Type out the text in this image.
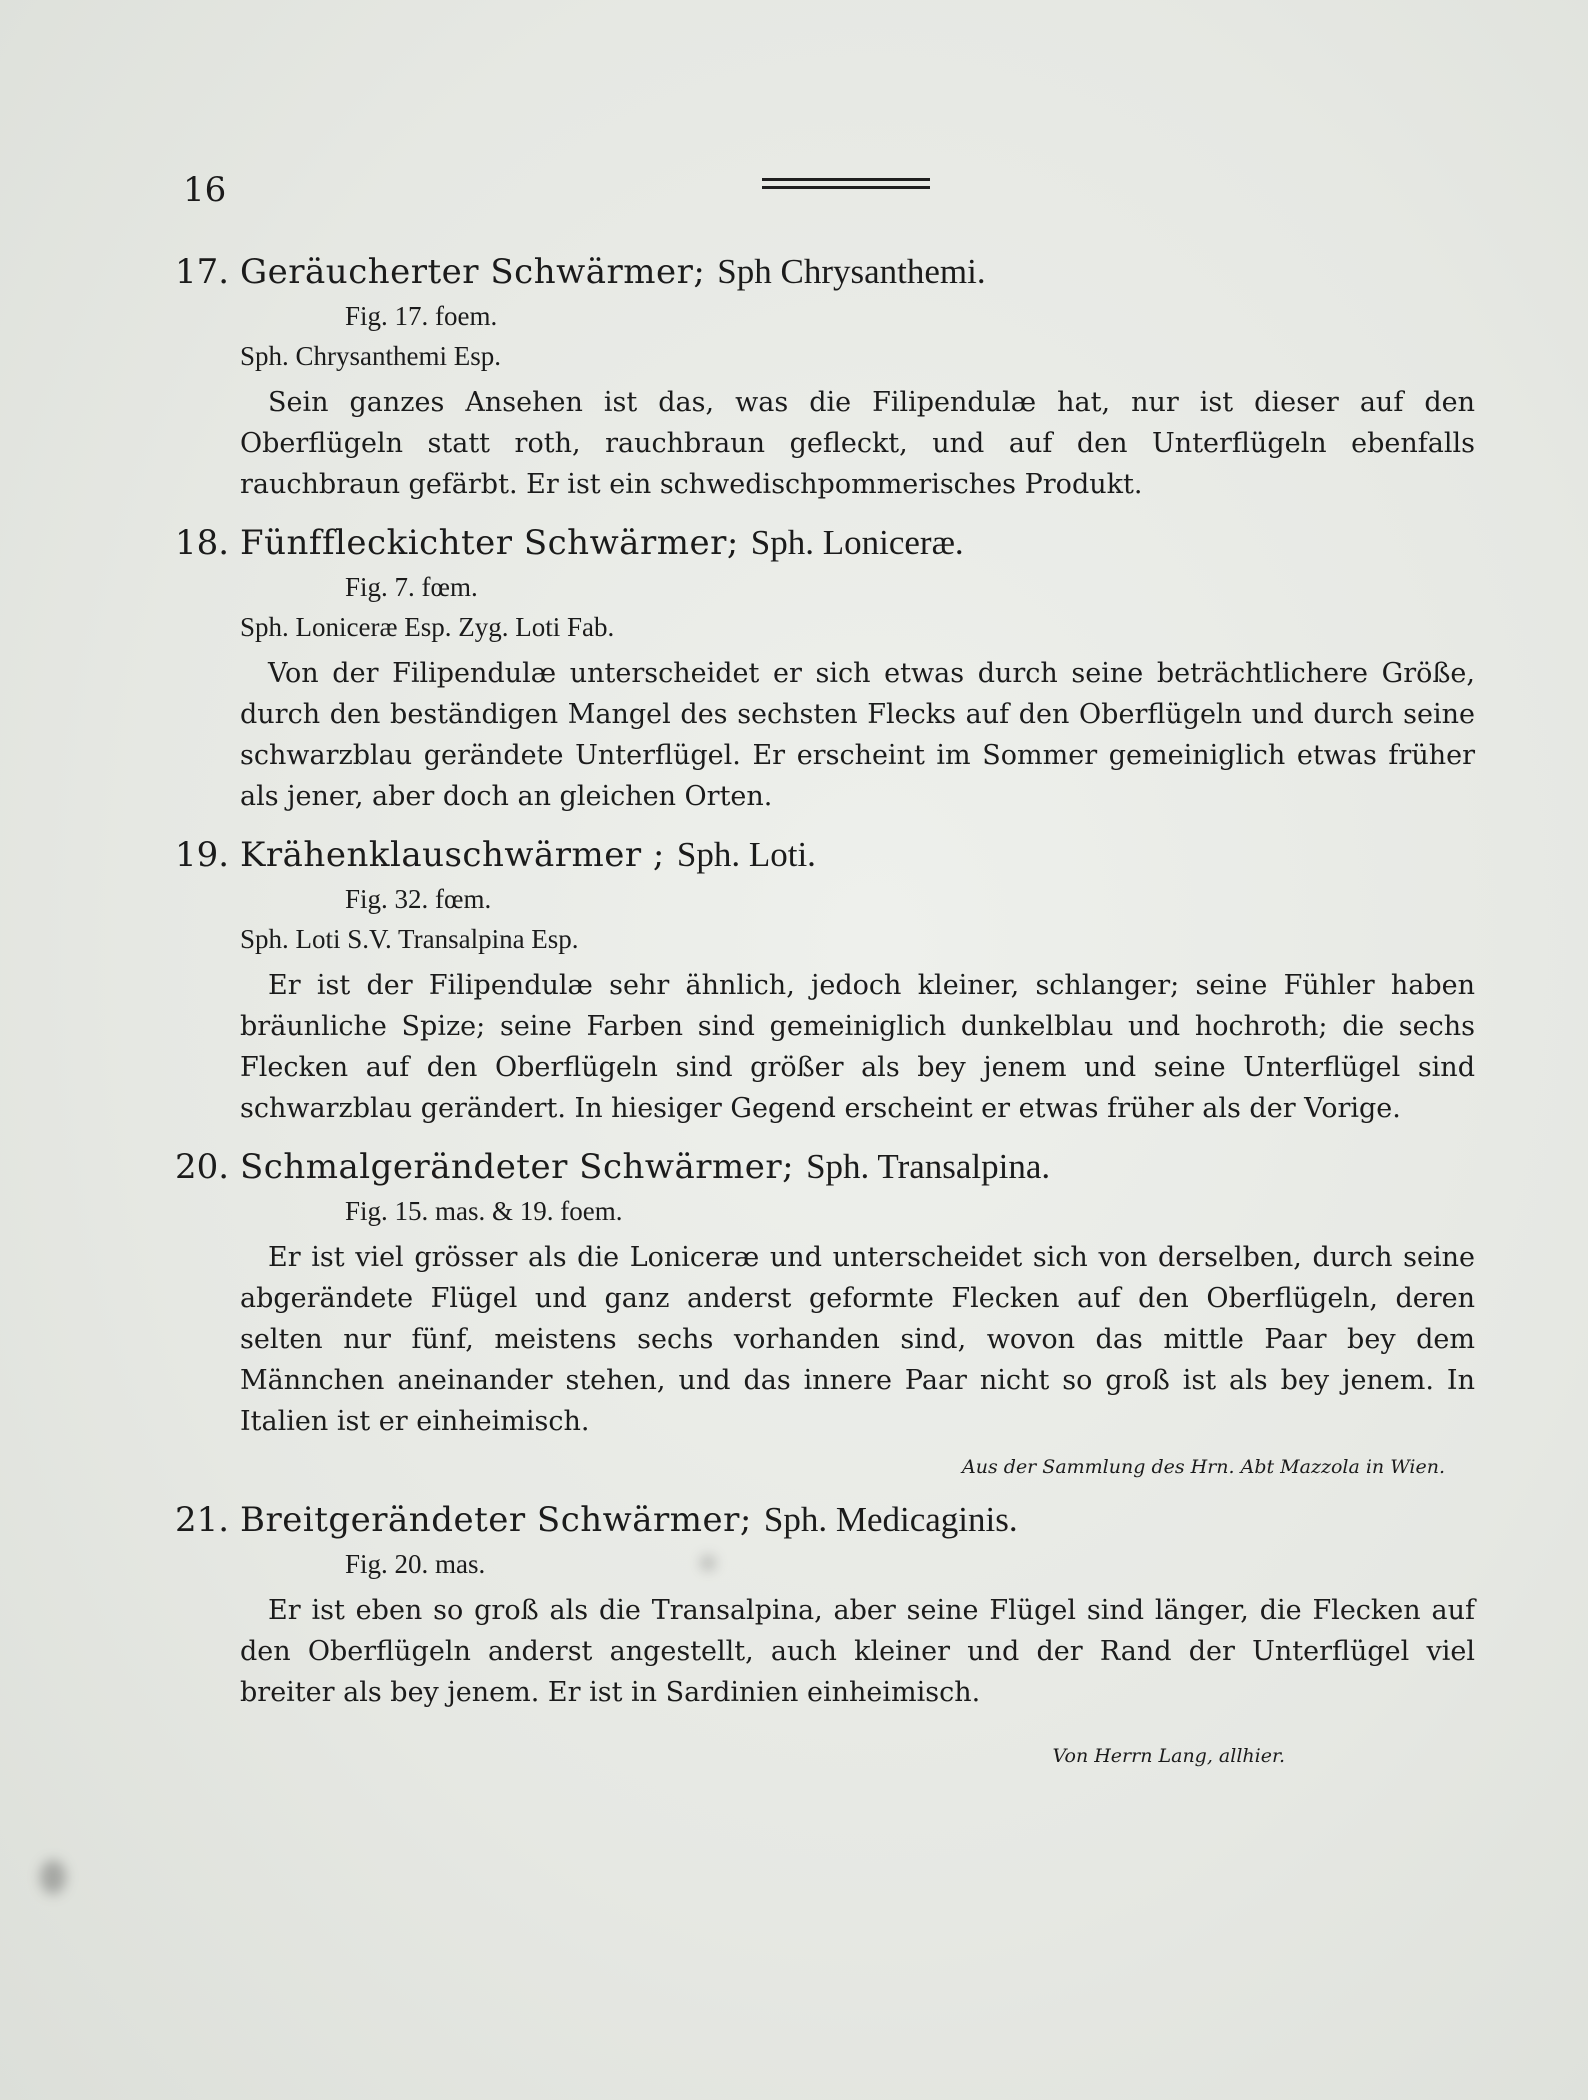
16
17. Geräucherter Schwärmer; Sph Chrysanthemi.
Fig. 17. foem.
Sph. Chrysanthemi Esp.
Sein ganzes Ansehen ist das, was die Filipendulæ hat, nur ist dieser auf den Oberflügeln statt roth, rauchbraun gefleckt, und auf den Unterflügeln ebenfalls rauchbraun gefärbt. Er ist ein schwedischpommerisches Produkt.
18. Fünffleckichter Schwärmer; Sph. Loniceræ.
Fig. 7. fœm.
Sph. Loniceræ Esp. Zyg. Loti Fab.
Von der Filipendulæ unterscheidet er sich etwas durch seine beträchtlichere Größe, durch den beständigen Mangel des sechsten Flecks auf den Oberflügeln und durch seine schwarzblau gerändete Unterflügel. Er erscheint im Sommer gemeiniglich etwas früher als jener, aber doch an gleichen Orten.
19. Krähenklauschwärmer ; Sph. Loti.
Fig. 32. fœm.
Sph. Loti S.V. Transalpina Esp.
Er ist der Filipendulæ sehr ähnlich, jedoch kleiner, schlanger; seine Fühler haben bräunliche Spize; seine Farben sind gemeiniglich dunkelblau und hochroth; die sechs Flecken auf den Oberflügeln sind größer als bey jenem und seine Unterflügel sind schwarzblau gerändert. In hiesiger Gegend erscheint er etwas früher als der Vorige.
20. Schmalgerändeter Schwärmer; Sph. Transalpina.
Fig. 15. mas. & 19. foem.
Er ist viel grösser als die Loniceræ und unterscheidet sich von derselben, durch seine abgerändete Flügel und ganz anderst geformte Flecken auf den Oberflügeln, deren selten nur fünf, meistens sechs vorhanden sind, wovon das mittle Paar bey dem Männchen aneinander stehen, und das innere Paar nicht so groß ist als bey jenem. In Italien ist er einheimisch.
Aus der Sammlung des Hrn. Abt Mazzola in Wien.
21. Breitgerändeter Schwärmer; Sph. Medicaginis.
Fig. 20. mas.
Er ist eben so groß als die Transalpina, aber seine Flügel sind länger, die Flecken auf den Oberflügeln anderst angestellt, auch kleiner und der Rand der Unterflügel viel breiter als bey jenem. Er ist in Sardinien einheimisch.
Von Herrn Lang, allhier.
